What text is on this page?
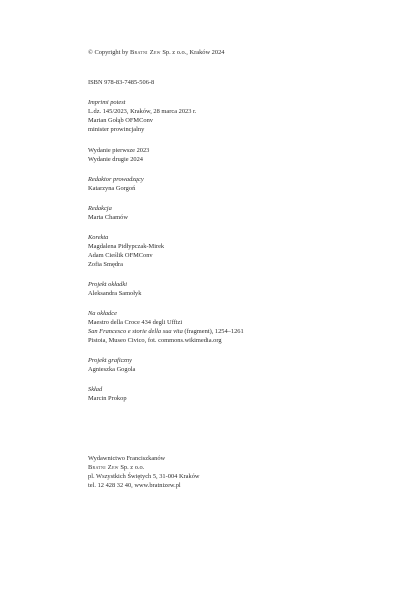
© Copyright by Bratni Zew Sp. z o.o., Kraków 2024
ISBN 978-83-7485-506-8
Imprimi potest
L.dz. 145/2023, Kraków, 28 marca 2023 r.
Marian Gołąb OFMConv
minister prowincjalny
Wydanie pierwsze 2023
Wydanie drugie 2024
Redaktor prowadzący
Katarzyna Gorgoń
Redakcja
Marta Chamów
Korekta
Magdalena Pidłypczak-Mirek
Adam Cieślik OFMConv
Zofia Smędra
Projekt okładki
Aleksandra Samołyk
Na okładce
Maestro della Croce 434 degli Uffizi
San Francesco e storie della sua vita (fragment), 1254–1261
Pistoia, Museo Civico, fot. commons.wikimedia.org
Projekt graficzny
Agnieszka Gogola
Skład
Marcin Prokop
Wydawnictwo Franciszkanów
Bratni Zew Sp. z o.o.
pl. Wszystkich Świętych 5, 31-004 Kraków
tel. 12 428 32 40, www.bratnizew.pl
